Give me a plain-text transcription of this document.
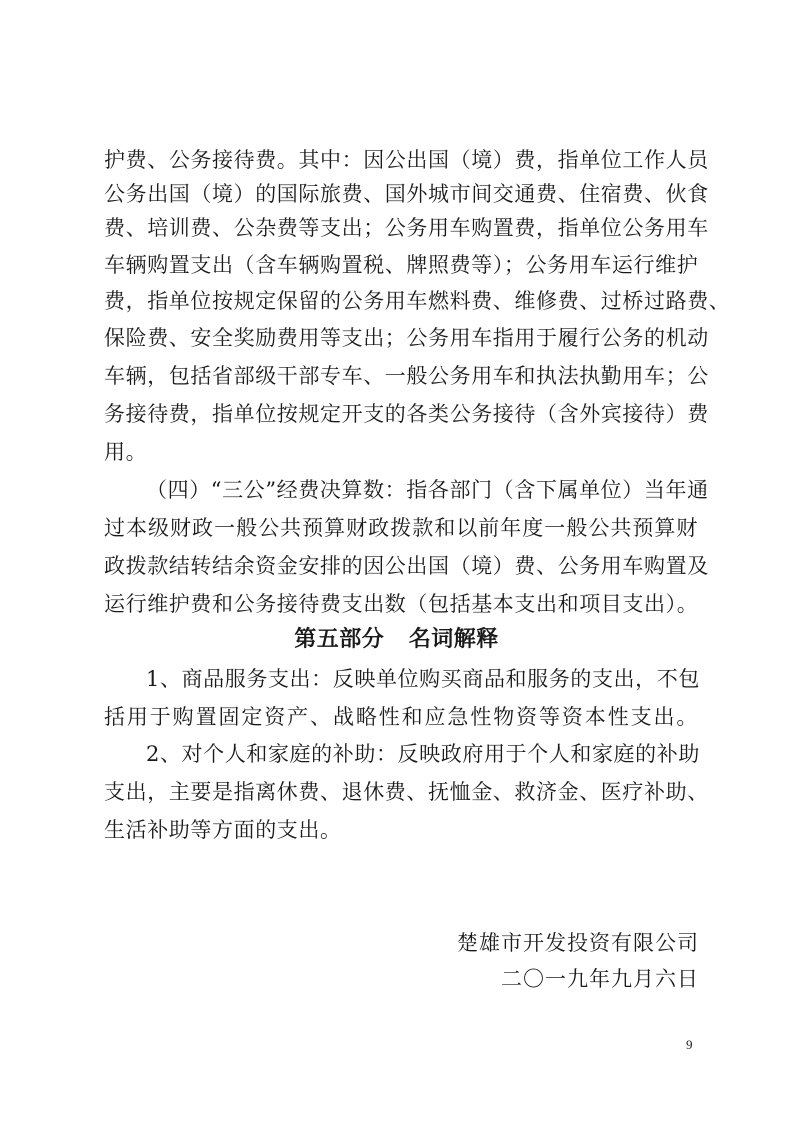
护费、公务接待费。其中：因公出国（境）费，指单位工作人员
公务出国（境）的国际旅费、国外城市间交通费、住宿费、伙食
费、培训费、公杂费等支出；公务用车购置费，指单位公务用车
车辆购置支出（含车辆购置税、牌照费等）；公务用车运行维护
费，指单位按规定保留的公务用车燃料费、维修费、过桥过路费、
保险费、安全奖励费用等支出；公务用车指用于履行公务的机动
车辆，包括省部级干部专车、一般公务用车和执法执勤用车；公
务接待费，指单位按规定开支的各类公务接待（含外宾接待）费
用。
（四）“三公”经费决算数：指各部门（含下属单位）当年通
过本级财政一般公共预算财政拨款和以前年度一般公共预算财
政拨款结转结余资金安排的因公出国（境）费、公务用车购置及
运行维护费和公务接待费支出数（包括基本支出和项目支出）。
第五部分   名词解释
1、商品服务支出：反映单位购买商品和服务的支出，不包
括用于购置固定资产、战略性和应急性物资等资本性支出。
2、对个人和家庭的补助：反映政府用于个人和家庭的补助
支出，主要是指离休费、退休费、抚恤金、救济金、医疗补助、
生活补助等方面的支出。
楚雄市开发投资有限公司
二〇一九年九月六日
9
